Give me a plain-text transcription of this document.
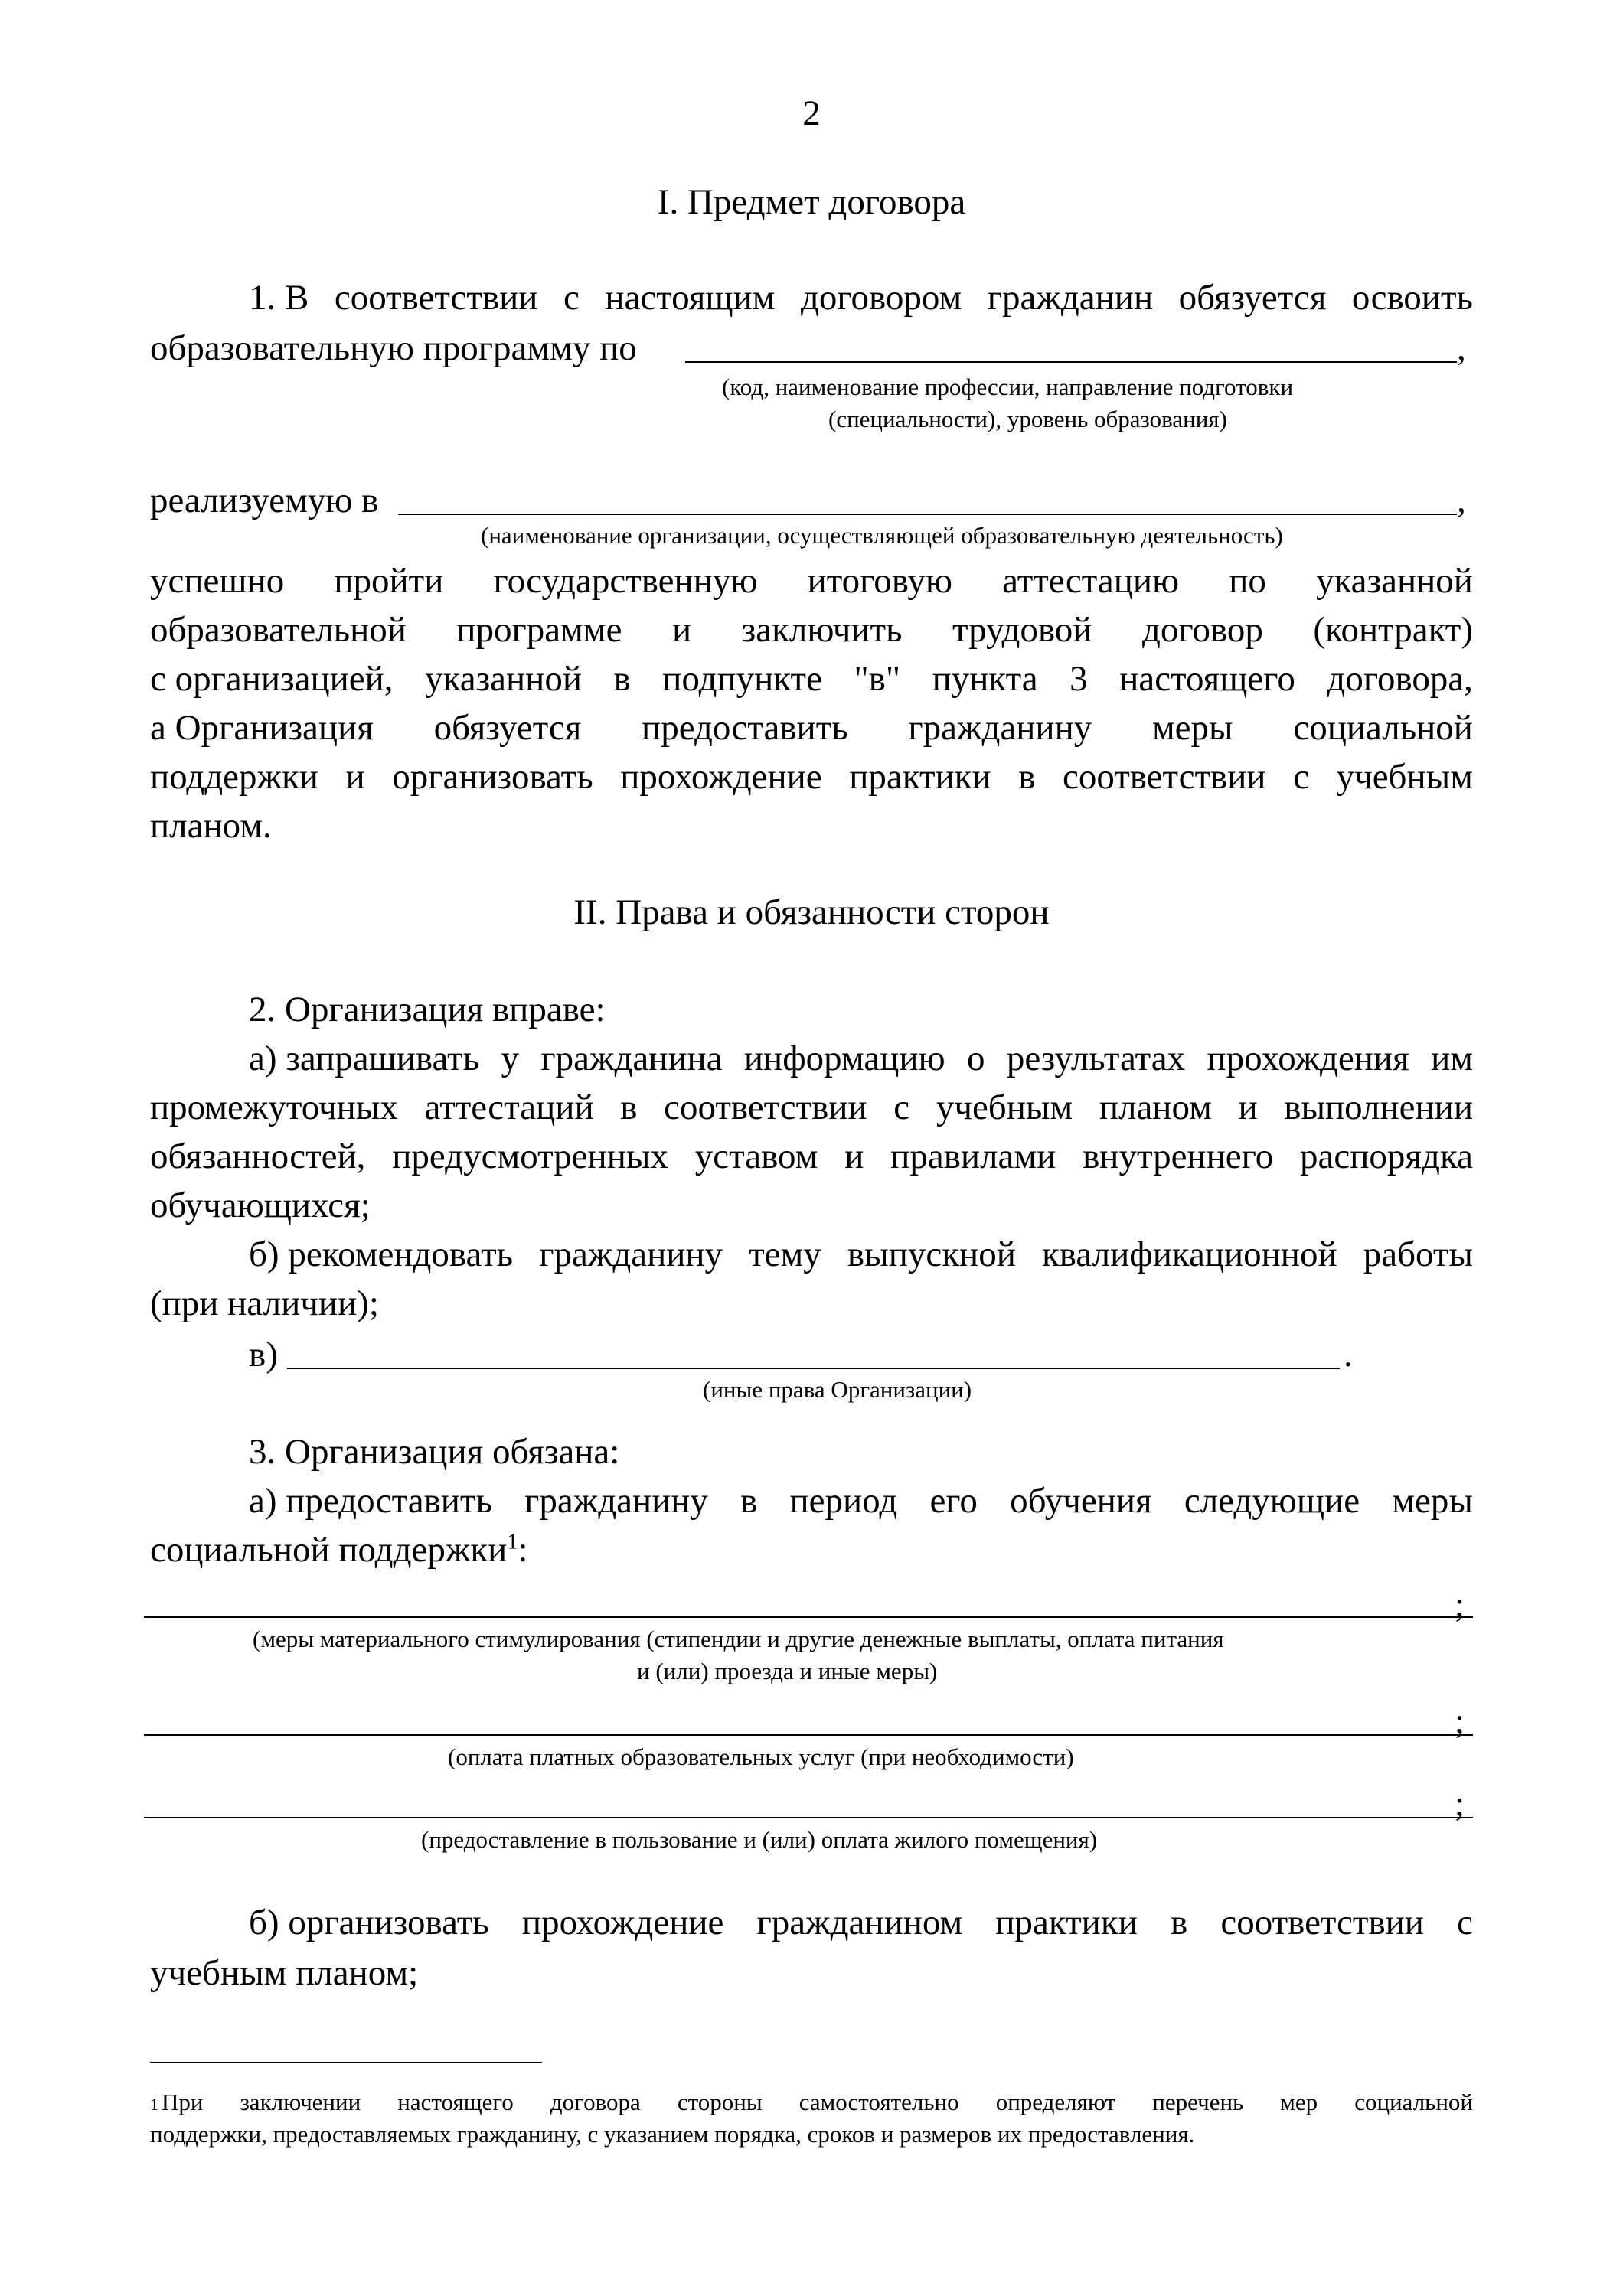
2
I. Предмет договора
1. В соответствии с настоящим договором гражданин обязуется освоить
образовательную программу по	,
(код, наименование профессии, направление подготовки
(специальности), уровень образования)
реализуемую в	,
(наименование организации, осуществляющей образовательную деятельность)
успешно пройти государственную итоговую аттестацию по указанной
образовательной программе и заключить трудовой договор (контракт)
с организацией, указанной в подпункте "в" пункта 3 настоящего договора,
а Организация обязуется предоставить гражданину меры социальной
поддержки и организовать прохождение практики в соответствии с учебным
планом.
II. Права и обязанности сторон
2. Организация вправе:
а) запрашивать у гражданина информацию о результатах прохождения им
промежуточных аттестаций в соответствии с учебным планом и выполнении
обязанностей, предусмотренных уставом и правилами внутреннего распорядка
обучающихся;
б) рекомендовать гражданину тему выпускной квалификационной работы
(при наличии);
в)	.
(иные права Организации)
3. Организация обязана:
а) предоставить гражданину в период его обучения следующие меры
социальной поддержки$^1$:
;
(меры материального стимулирования (стипендии и другие денежные выплаты, оплата питания
и (или) проезда и иные меры)
;
(оплата платных образовательных услуг (при необходимости)
;
(предоставление в пользование и (или) оплата жилого помещения)
б) организовать прохождение гражданином практики в соответствии с
учебным планом;
1 При заключении настоящего договора стороны самостоятельно определяют перечень мер социальной
поддержки, предоставляемых гражданину, с указанием порядка, сроков и размеров их предоставления.
